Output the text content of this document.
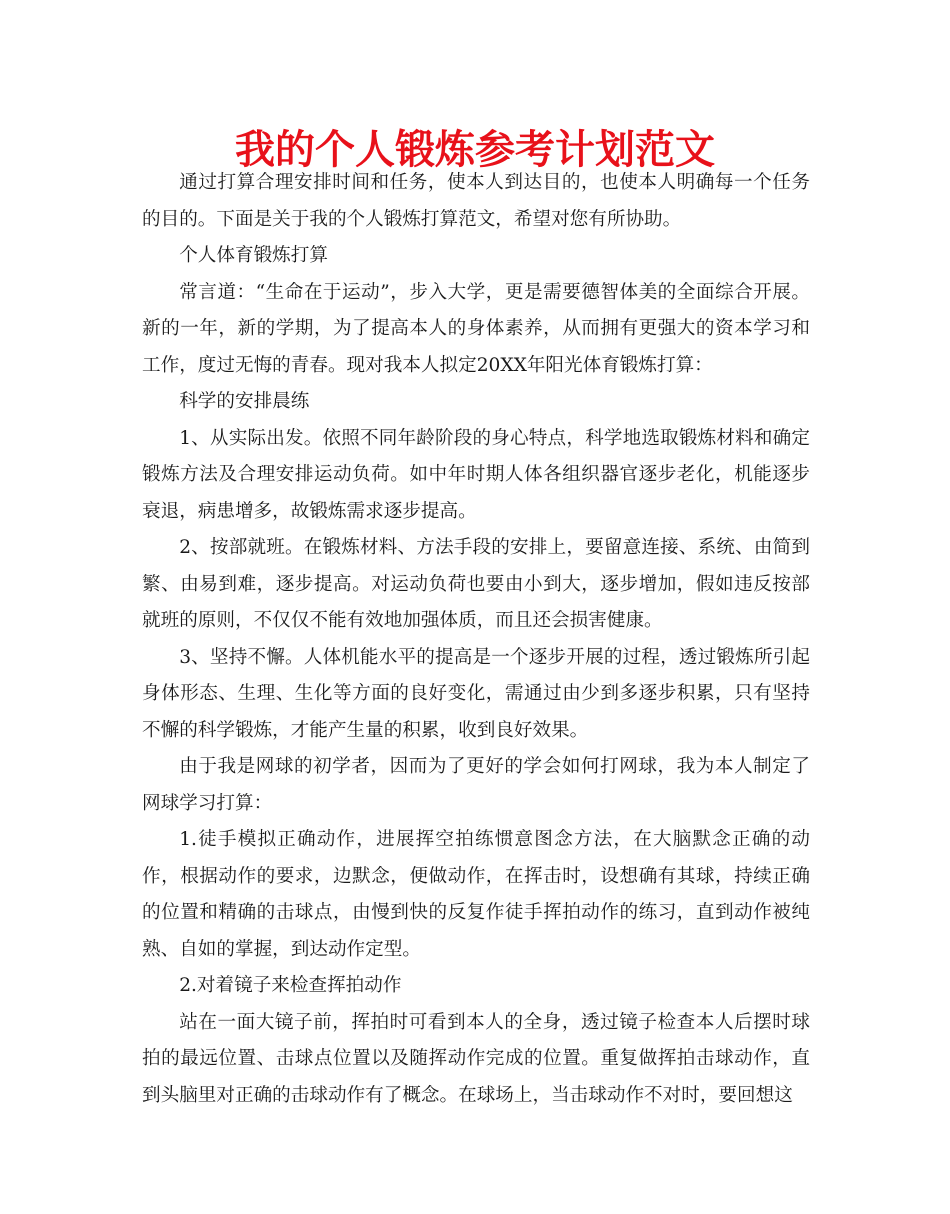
我的个人锻炼参考计划范文

通过打算合理安排时间和任务，使本人到达目的，也使本人明确每一个任务的目的。下面是关于我的个人锻炼打算范文，希望对您有所协助。

个人体育锻炼打算

常言道：“生命在于运动”，步入大学，更是需要德智体美的全面综合开展。新的一年，新的学期，为了提高本人的身体素养，从而拥有更强大的资本学习和工作，度过无悔的青春。现对我本人拟定20XX年阳光体育锻炼打算：

科学的安排晨练

1、从实际出发。依照不同年龄阶段的身心特点，科学地选取锻炼材料和确定锻炼方法及合理安排运动负荷。如中年时期人体各组织器官逐步老化，机能逐步衰退，病患增多，故锻炼需求逐步提高。

2、按部就班。在锻炼材料、方法手段的安排上，要留意连接、系统、由简到繁、由易到难，逐步提高。对运动负荷也要由小到大，逐步增加，假如违反按部就班的原则，不仅仅不能有效地加强体质，而且还会损害健康。

3、坚持不懈。人体机能水平的提高是一个逐步开展的过程，透过锻炼所引起身体形态、生理、生化等方面的良好变化，需通过由少到多逐步积累，只有坚持不懈的科学锻炼，才能产生量的积累，收到良好效果。

由于我是网球的初学者，因而为了更好的学会如何打网球，我为本人制定了网球学习打算：

1.徒手模拟正确动作，进展挥空拍练惯意图念方法，在大脑默念正确的动作，根据动作的要求，边默念，便做动作，在挥击时，设想确有其球，持续正确的位置和精确的击球点，由慢到快的反复作徒手挥拍动作的练习，直到动作被纯熟、自如的掌握，到达动作定型。

2.对着镜子来检查挥拍动作

站在一面大镜子前，挥拍时可看到本人的全身，透过镜子检查本人后摆时球拍的最远位置、击球点位置以及随挥动作完成的位置。重复做挥拍击球动作，直到头脑里对正确的击球动作有了概念。在球场上，当击球动作不对时，要回想这
